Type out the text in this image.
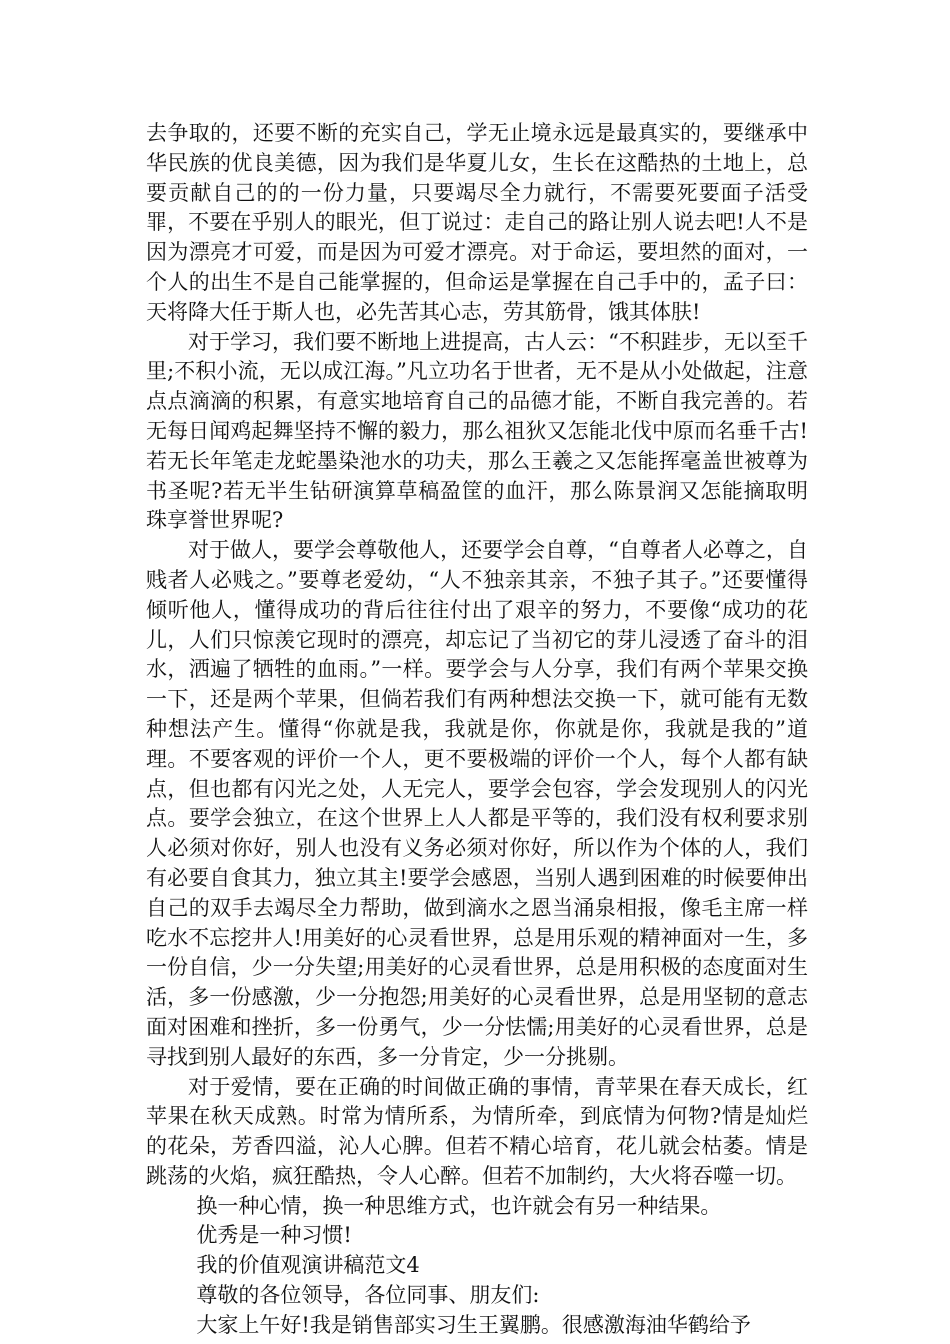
去争取的，还要不断的充实自己，学无止境永远是最真实的，要继承中华民族的优良美德，因为我们是华夏儿女，生长在这酷热的土地上，总要贡献自己的的一份力量，只要竭尽全力就行，不需要死要面子活受罪，不要在乎别人的眼光，但丁说过：走自己的路让别人说去吧!人不是因为漂亮才可爱，而是因为可爱才漂亮。对于命运，要坦然的面对，一个人的出生不是自己能掌握的，但命运是掌握在自己手中的，孟子曰：天将降大任于斯人也，必先苦其心志，劳其筋骨，饿其体肤!

对于学习，我们要不断地上进提高，古人云：“不积跬步，无以至千里;不积小流，无以成江海。”凡立功名于世者，无不是从小处做起，注意点点滴滴的积累，有意实地培育自己的品德才能，不断自我完善的。若无每日闻鸡起舞坚持不懈的毅力，那么祖狄又怎能北伐中原而名垂千古!若无长年笔走龙蛇墨染池水的功夫，那么王羲之又怎能挥毫盖世被尊为书圣呢?若无半生钻研演算草稿盈筐的血汗，那么陈景润又怎能摘取明珠享誉世界呢?

对于做人，要学会尊敬他人，还要学会自尊，“自尊者人必尊之，自贱者人必贱之。”要尊老爱幼，“人不独亲其亲，不独子其子。”还要懂得倾听他人，懂得成功的背后往往付出了艰辛的努力，不要像“成功的花儿，人们只惊羡它现时的漂亮，却忘记了当初它的芽儿浸透了奋斗的泪水，洒遍了牺牲的血雨。”一样。要学会与人分享，我们有两个苹果交换一下，还是两个苹果，但倘若我们有两种想法交换一下，就可能有无数种想法产生。懂得“你就是我，我就是你，你就是你，我就是我的”道理。不要客观的评价一个人，更不要极端的评价一个人，每个人都有缺点，但也都有闪光之处，人无完人，要学会包容，学会发现别人的闪光点。要学会独立，在这个世界上人人都是平等的，我们没有权利要求别人必须对你好，别人也没有义务必须对你好，所以作为个体的人，我们有必要自食其力，独立其主!要学会感恩，当别人遇到困难的时候要伸出自己的双手去竭尽全力帮助，做到滴水之恩当涌泉相报，像毛主席一样吃水不忘挖井人!用美好的心灵看世界，总是用乐观的精神面对一生，多一份自信，少一分失望;用美好的心灵看世界，总是用积极的态度面对生活，多一份感激，少一分抱怨;用美好的心灵看世界，总是用坚韧的意志面对困难和挫折，多一份勇气，少一分怯懦;用美好的心灵看世界，总是寻找到别人最好的东西，多一分肯定，少一分挑剔。

对于爱情，要在正确的时间做正确的事情，青苹果在春天成长，红苹果在秋天成熟。时常为情所系，为情所牵，到底情为何物?情是灿烂的花朵，芳香四溢，沁人心脾。但若不精心培育，花儿就会枯萎。情是跳荡的火焰，疯狂酷热，令人心醉。但若不加制约，大火将吞噬一切。

换一种心情，换一种思维方式，也许就会有另一种结果。

优秀是一种习惯!

我的价值观演讲稿范文4

尊敬的各位领导，各位同事、朋友们:

大家上午好!我是销售部实习生王翼鹏。很感激海油华鹤给予
